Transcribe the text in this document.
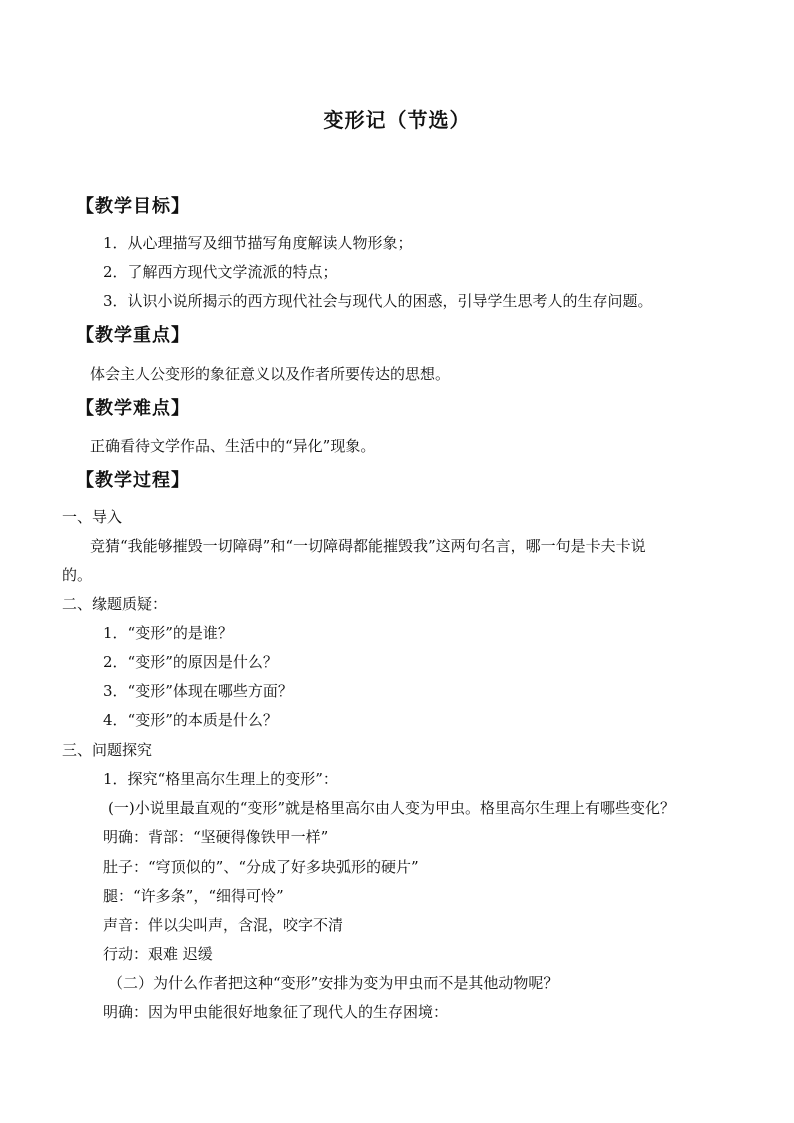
变形记（节选）
【教学目标】
1．从心理描写及细节描写角度解读人物形象；
2．了解西方现代文学流派的特点；
3．认识小说所揭示的西方现代社会与现代人的困惑，引导学生思考人的生存问题。
【教学重点】
体会主人公变形的象征意义以及作者所要传达的思想。
【教学难点】
正确看待文学作品、生活中的“异化”现象。
【教学过程】
一、导入
竞猜“我能够摧毁一切障碍”和“一切障碍都能摧毁我”这两句名言，哪一句是卡夫卡说
的。
二、缘题质疑：
1．“变形”的是谁？
2．“变形”的原因是什么？
3．“变形”体现在哪些方面？
4．“变形”的本质是什么？
三、问题探究
1．探究“格里高尔生理上的变形”：
(一)小说里最直观的“变形”就是格里高尔由人变为甲虫。格里高尔生理上有哪些变化？
明确：背部：“坚硬得像铁甲一样”
肚子：“穹顶似的”、“分成了好多块弧形的硬片”
腿：“许多条”，“细得可怜”
声音：伴以尖叫声，含混，咬字不清
行动：艰难 迟缓
（二）为什么作者把这种“变形”安排为变为甲虫而不是其他动物呢？
明确：因为甲虫能很好地象征了现代人的生存困境：
